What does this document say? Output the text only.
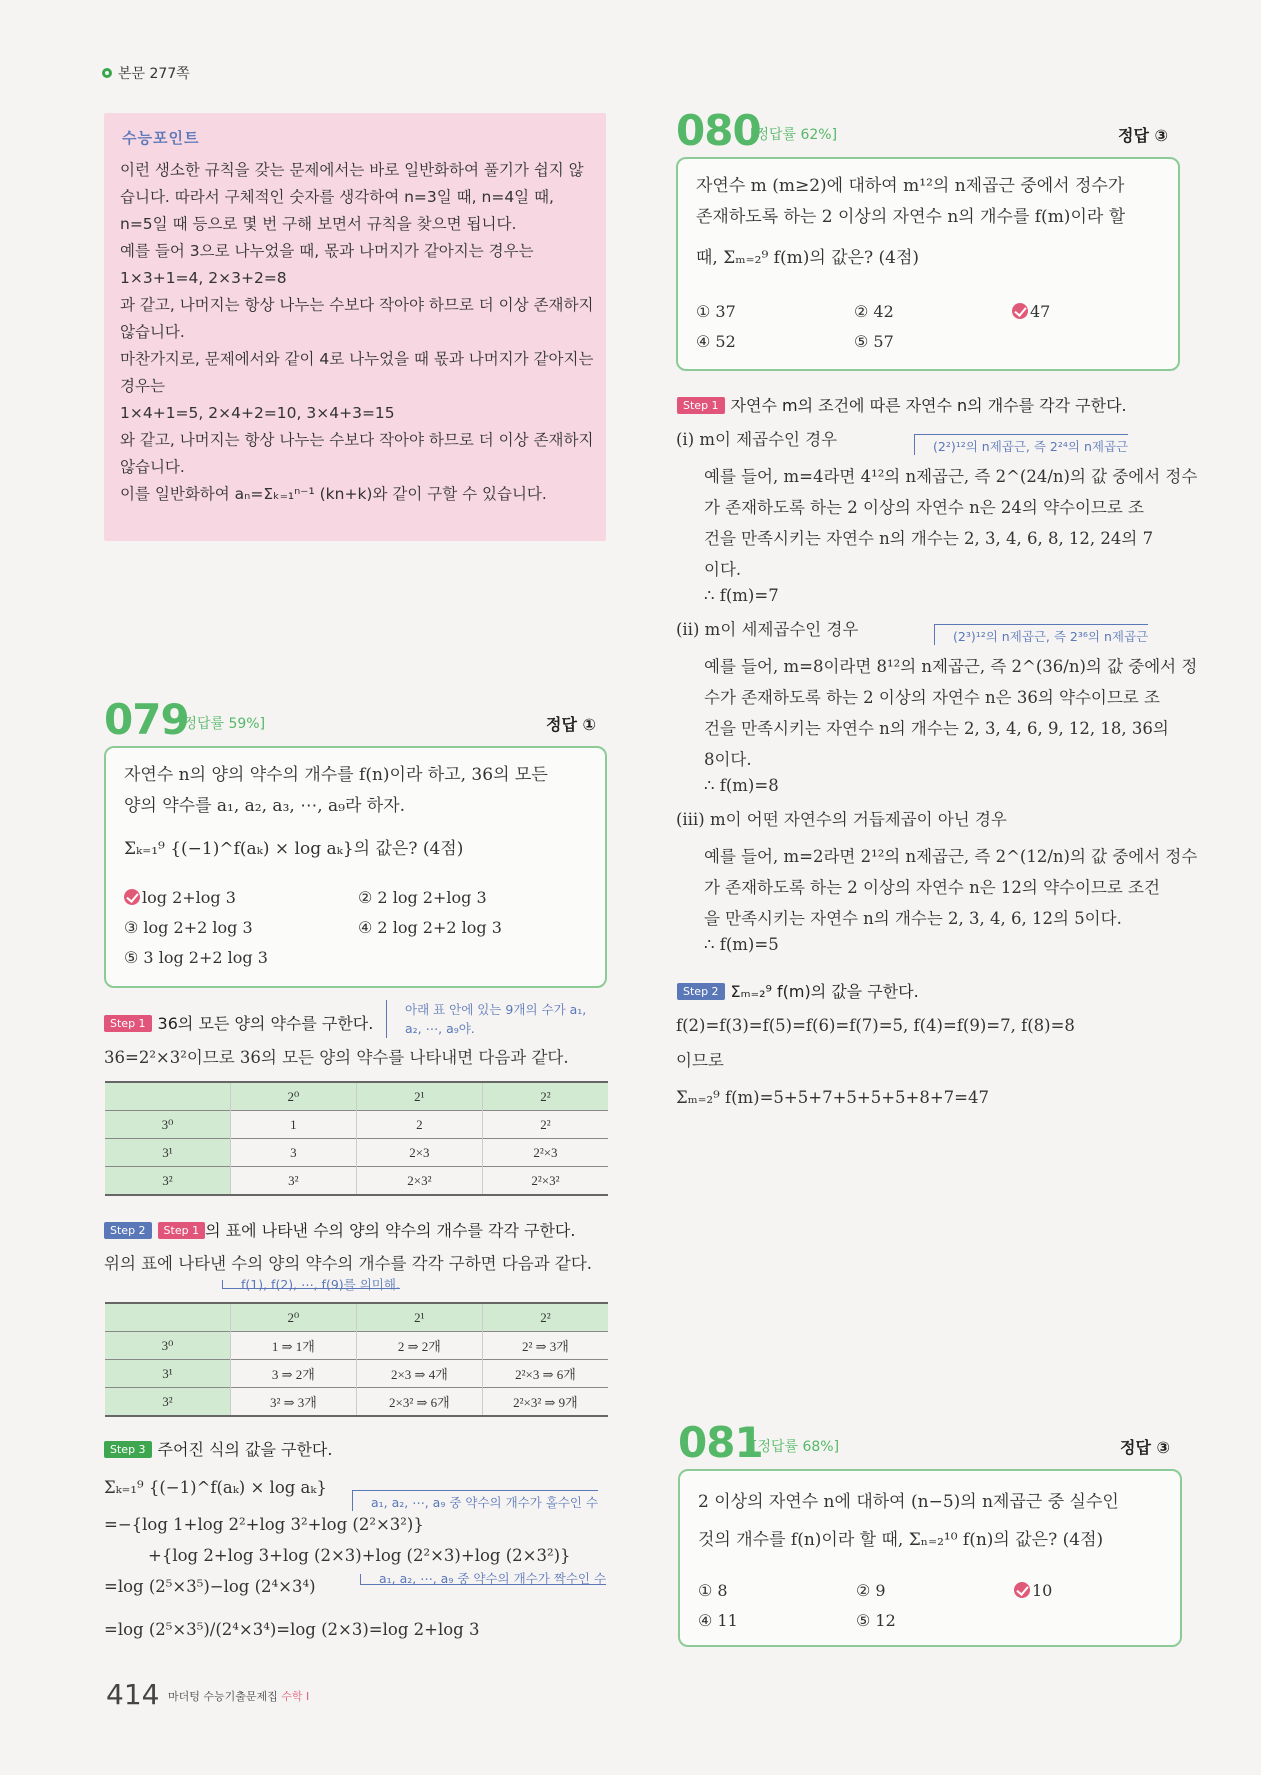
본문 277쪽
수능포인트
이런 생소한 규칙을 갖는 문제에서는 바로 일반화하여 풀기가 쉽지 않
습니다. 따라서 구체적인 숫자를 생각하여 n=3일 때, n=4일 때,
n=5일 때 등으로 몇 번 구해 보면서 규칙을 찾으면 됩니다.
예를 들어 3으로 나누었을 때, 몫과 나머지가 같아지는 경우는
1×3+1=4, 2×3+2=8
과 같고, 나머지는 항상 나누는 수보다 작아야 하므로 더 이상 존재하지
않습니다.
마찬가지로, 문제에서와 같이 4로 나누었을 때 몫과 나머지가 같아지는
경우는
1×4+1=5, 2×4+2=10, 3×4+3=15
와 같고, 나머지는 항상 나누는 수보다 작아야 하므로 더 이상 존재하지
않습니다.
이를 일반화하여 aₙ=Σₖ₌₁ⁿ⁻¹ (kn+k)와 같이 구할 수 있습니다.
079
[정답률 59%]	정답 ①
자연수 n의 양의 약수의 개수를 f(n)이라 하고, 36의 모든
양의 약수를 a₁, a₂, a₃, ⋯, a₉라 하자.
Σₖ₌₁⁹ {(−1)^f(aₖ) × log aₖ}의 값은? (4점)
log 2+log 3	② 2 log 2+log 3
③ log 2+2 log 3	④ 2 log 2+2 log 3
⑤ 3 log 2+2 log 3
Step 1 36의 모든 양의 약수를 구한다.
아래 표 안에 있는 9개의 수가 a₁, a₂, ⋯, a₉야.
36=2²×3²이므로 36의 모든 양의 약수를 나타내면 다음과 같다.
	2⁰	2¹	2²
3⁰	1	2	2²
3¹	3	2×3	2²×3
3²	3²	2×3²	2²×3²
Step 2 Step 1 의 표에 나타낸 수의 양의 약수의 개수를 각각 구한다.
위의 표에 나타낸 수의 양의 약수의 개수를 각각 구하면 다음과 같다.
f(1), f(2), ⋯, f(9)를 의미해.
	2⁰	2¹	2²
3⁰	1 ⇒ 1개	2 ⇒ 2개	2² ⇒ 3개
3¹	3 ⇒ 2개	2×3 ⇒ 4개	2²×3 ⇒ 6개
3²	3² ⇒ 3개	2×3² ⇒ 6개	2²×3² ⇒ 9개
Step 3 주어진 식의 값을 구한다.
Σₖ₌₁⁹ {(−1)^f(aₖ) × log aₖ}
a₁, a₂, ⋯, a₉ 중 약수의 개수가 홀수인 수
=−{log 1+log 2²+log 3²+log (2²×3²)}
+{log 2+log 3+log (2×3)+log (2²×3)+log (2×3²)}
=log (2⁵×3⁵)−log (2⁴×3⁴)	a₁, a₂, ⋯, a₉ 중 약수의 개수가 짝수인 수
=log (2⁵×3⁵)/(2⁴×3⁴)=log (2×3)=log 2+log 3
080
[정답률 62%]	정답 ③
자연수 m (m≥2)에 대하여 m¹²의 n제곱근 중에서 정수가
존재하도록 하는 2 이상의 자연수 n의 개수를 f(m)이라 할
때, Σₘ₌₂⁹ f(m)의 값은? (4점)
① 37	② 42	47
④ 52	⑤ 57
Step 1 자연수 m의 조건에 따른 자연수 n의 개수를 각각 구한다.
(ⅰ) m이 제곱수인 경우	(2²)¹²의 n제곱근, 즉 2²⁴의 n제곱근
예를 들어, m=4라면 4¹²의 n제곱근, 즉 2^(24/n)의 값 중에서 정수
가 존재하도록 하는 2 이상의 자연수 n은 24의 약수이므로 조
건을 만족시키는 자연수 n의 개수는 2, 3, 4, 6, 8, 12, 24의 7
이다.
∴ f(m)=7
(ⅱ) m이 세제곱수인 경우	(2³)¹²의 n제곱근, 즉 2³⁶의 n제곱근
예를 들어, m=8이라면 8¹²의 n제곱근, 즉 2^(36/n)의 값 중에서 정
수가 존재하도록 하는 2 이상의 자연수 n은 36의 약수이므로 조
건을 만족시키는 자연수 n의 개수는 2, 3, 4, 6, 9, 12, 18, 36의
8이다.
∴ f(m)=8
(ⅲ) m이 어떤 자연수의 거듭제곱이 아닌 경우
예를 들어, m=2라면 2¹²의 n제곱근, 즉 2^(12/n)의 값 중에서 정수
가 존재하도록 하는 2 이상의 자연수 n은 12의 약수이므로 조건
을 만족시키는 자연수 n의 개수는 2, 3, 4, 6, 12의 5이다.
∴ f(m)=5
Step 2 Σₘ₌₂⁹ f(m)의 값을 구한다.
f(2)=f(3)=f(5)=f(6)=f(7)=5, f(4)=f(9)=7, f(8)=8
이므로
Σₘ₌₂⁹ f(m)=5+5+7+5+5+5+8+7=47
081
[정답률 68%]	정답 ③
2 이상의 자연수 n에 대하여 (n−5)의 n제곱근 중 실수인
것의 개수를 f(n)이라 할 때, Σₙ₌₂¹⁰ f(n)의 값은? (4점)
① 8	② 9	10
④ 11	⑤ 12
414 마더텅 수능기출문제집 수학 Ⅰ
